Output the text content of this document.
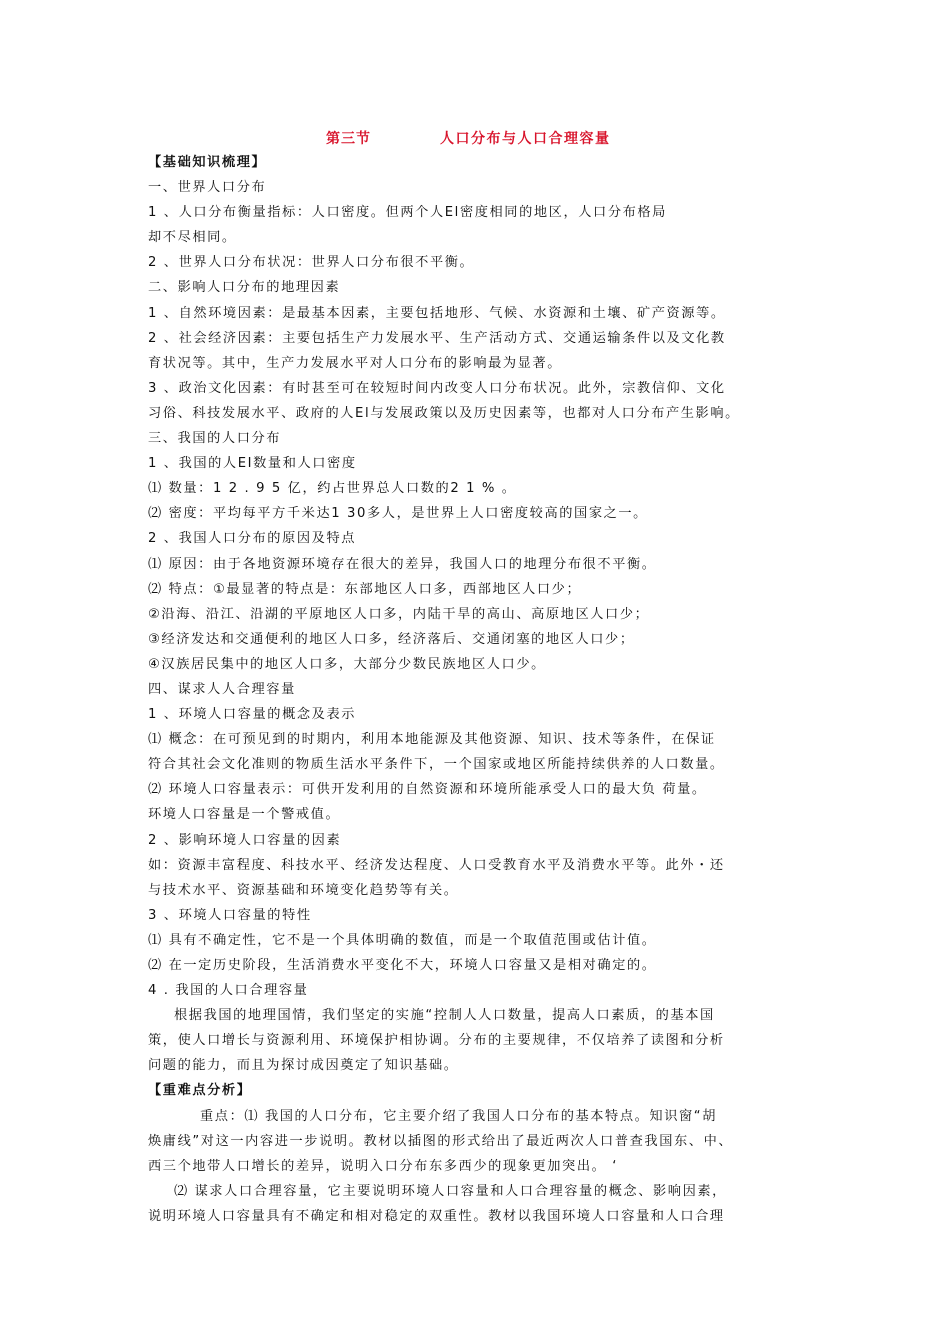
第三节	人口分布与人口合理容量
【基础知识梳理】
一、世界人口分布
1 、人口分布衡量指标：人口密度。但两个人El密度相同的地区，人口分布格局
却不尽相同。
2 、世界人口分布状况：世界人口分布很不平衡。
二、影响人口分布的地理因素
1 、自然环境因素：是最基本因素，主要包括地形、气候、水资源和土壤、矿产资源等。
2 、社会经济因素：主要包括生产力发展水平、生产活动方式、交通运输条件以及文化教
育状况等。其中，生产力发展水平对人口分布的影响最为显著。
3 、政治文化因素：有时甚至可在较短时间内改变人口分布状况。此外，宗教信仰、文化
习俗、科技发展水平、政府的人El与发展政策以及历史因素等，也都对人口分布产生影响。
三、我国的人口分布
1 、我国的人EI数量和人口密度
⑴ 数量：1 2 . 9 5 亿，约占世界总人口数的2 1 % 。
⑵ 密度：平均每平方千米达1 30多人，是世界上人口密度较高的国家之一。
2 、我国人口分布的原因及特点
⑴ 原因：由于各地资源环境存在很大的差异，我国人口的地理分布很不平衡。
⑵ 特点：①最显著的特点是：东部地区人口多，西部地区人口少；
②沿海、沿江、沿湖的平原地区人口多，内陆干旱的高山、高原地区人口少；
③经济发达和交通便利的地区人口多，经济落后、交通闭塞的地区人口少；
④汉族居民集中的地区人口多，大部分少数民族地区人口少。
四、谋求人人合理容量
1 、环境人口容量的概念及表示
⑴ 概念：在可预见到的时期内，利用本地能源及其他资源、知识、技术等条件，在保证
符合其社会文化准则的物质生活水平条件下，一个国家或地区所能持续供养的人口数量。
⑵ 环境人口容量表示：可供开发利用的自然资源和环境所能承受人口的最大负 荷量。
环境人口容量是一个警戒值。
2 、影响环境人口容量的因素
如：资源丰富程度、科技水平、经济发达程度、人口受教育水平及消费水平等。此外・还
与技术水平、资源基础和环境变化趋势等有关。
3 、环境人口容量的特性
⑴ 具有不确定性，它不是一个具体明确的数值，而是一个取值范围或估计值。
⑵ 在一定历史阶段，生活消费水平变化不大，环境人口容量又是相对确定的。
4 . 我国的人口合理容量
根据我国的地理国情，我们坚定的实施“控制人人口数量，提高人口素质，的基本国
策，使人口增长与资源利用、环境保护相协调。分布的主要规律，不仅培养了读图和分析
问题的能力，而且为探讨成因奠定了知识基础。
【重难点分析】
重点：⑴ 我国的人口分布，它主要介绍了我国人口分布的基本特点。知识窗“胡
焕庸线”对这一内容进一步说明。教材以插图的形式给出了最近两次人口普查我国东、中、
西三个地带人口增长的差异，说明入口分布东多西少的现象更加突出。 ‘
⑵ 谋求人口合理容量，它主要说明环境人口容量和人口合理容量的概念、影响因素，
说明环境人口容量具有不确定和相对稳定的双重性。教材以我国环境人口容量和人口合理
